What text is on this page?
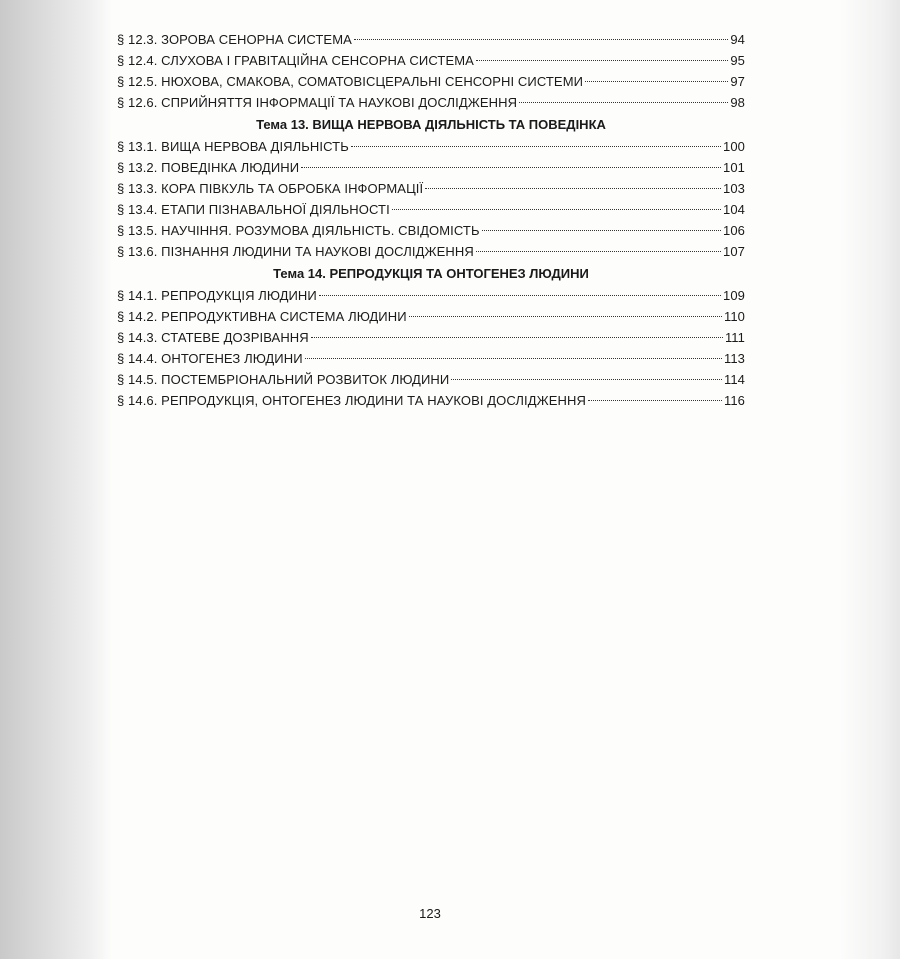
§ 12.3. ЗОРОВА СЕНОРНА СИСТЕМА	94
§ 12.4. СЛУХОВА І ГРАВІТАЦІЙНА СЕНСОРНА СИСТЕМА	95
§ 12.5. НЮХОВА, СМАКОВА, СОМАТОВІСЦЕРАЛЬНІ СЕНСОРНІ СИСТЕМИ	97
§ 12.6. СПРИЙНЯТТЯ ІНФОРМАЦІЇ ТА НАУКОВІ ДОСЛІДЖЕННЯ	98
Тема 13. ВИЩА НЕРВОВА ДІЯЛЬНІСТЬ ТА ПОВЕДІНКА
§ 13.1. ВИЩА НЕРВОВА ДІЯЛЬНІСТЬ	100
§ 13.2. ПОВЕДІНКА ЛЮДИНИ	101
§ 13.3. КОРА ПІВКУЛЬ ТА ОБРОБКА ІНФОРМАЦІЇ	103
§ 13.4. ЕТАПИ ПІЗНАВАЛЬНОЇ ДІЯЛЬНОСТІ	104
§ 13.5. НАУЧІННЯ. РОЗУМОВА ДІЯЛЬНІСТЬ. СВІДОМІСТЬ	106
§ 13.6. ПІЗНАННЯ ЛЮДИНИ ТА НАУКОВІ ДОСЛІДЖЕННЯ	107
Тема 14. РЕПРОДУКЦІЯ ТА ОНТОГЕНЕЗ ЛЮДИНИ
§ 14.1. РЕПРОДУКЦІЯ ЛЮДИНИ	109
§ 14.2. РЕПРОДУКТИВНА СИСТЕМА ЛЮДИНИ	110
§ 14.3. СТАТЕВЕ ДОЗРІВАННЯ	111
§ 14.4. ОНТОГЕНЕЗ ЛЮДИНИ	113
§ 14.5. ПОСТЕМБРІОНАЛЬНИЙ РОЗВИТОК ЛЮДИНИ	114
§ 14.6. РЕПРОДУКЦІЯ, ОНТОГЕНЕЗ ЛЮДИНИ ТА НАУКОВІ ДОСЛІДЖЕННЯ	116
123
